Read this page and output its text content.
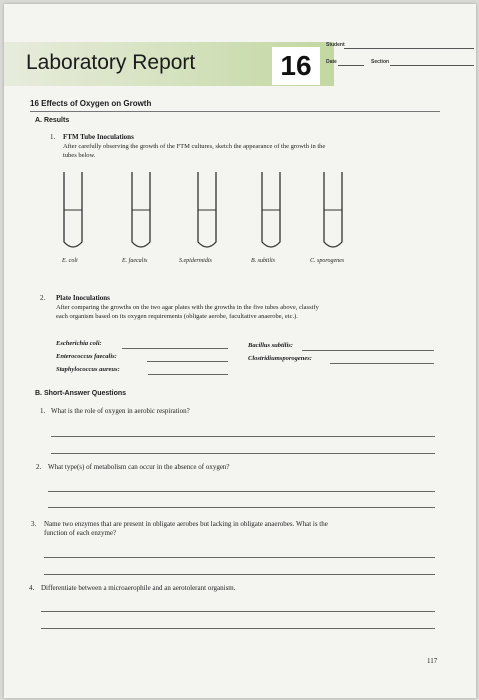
Laboratory Report	16
Student
Date	Section
16 Effects of Oxygen on Growth
A. Results
1. FTM Tube Inoculations
After carefully observing the growth of the FTM cultures, sketch the appearance of the growth in the
tubes below.
E. coli	E. faecalis	S.epidermidis	B. subtilis	C. sporogenes
2. Plate Inoculations
After comparing the growths on the two agar plates with the growths in the five tubes above, classify
each organism based on its oxygen requirements (obligate aerobe, facultative anaerobe, etc.).
Escherichia coli:
Enterococcus faecalis:
Staphylococcus aureus:
Bacillus subtilis:
Clostridiumsporogenes:
B. Short-Answer Questions
1. What is the role of oxygen in aerobic respiration?
2. What type(s) of metabolism can occur in the absence of oxygen?
3. Name two enzymes that are present in obligate aerobes but lacking in obligate anaerobes. What is the
function of each enzyme?
4. Differentiate between a microaerophile and an aerotolerant organism.
117
